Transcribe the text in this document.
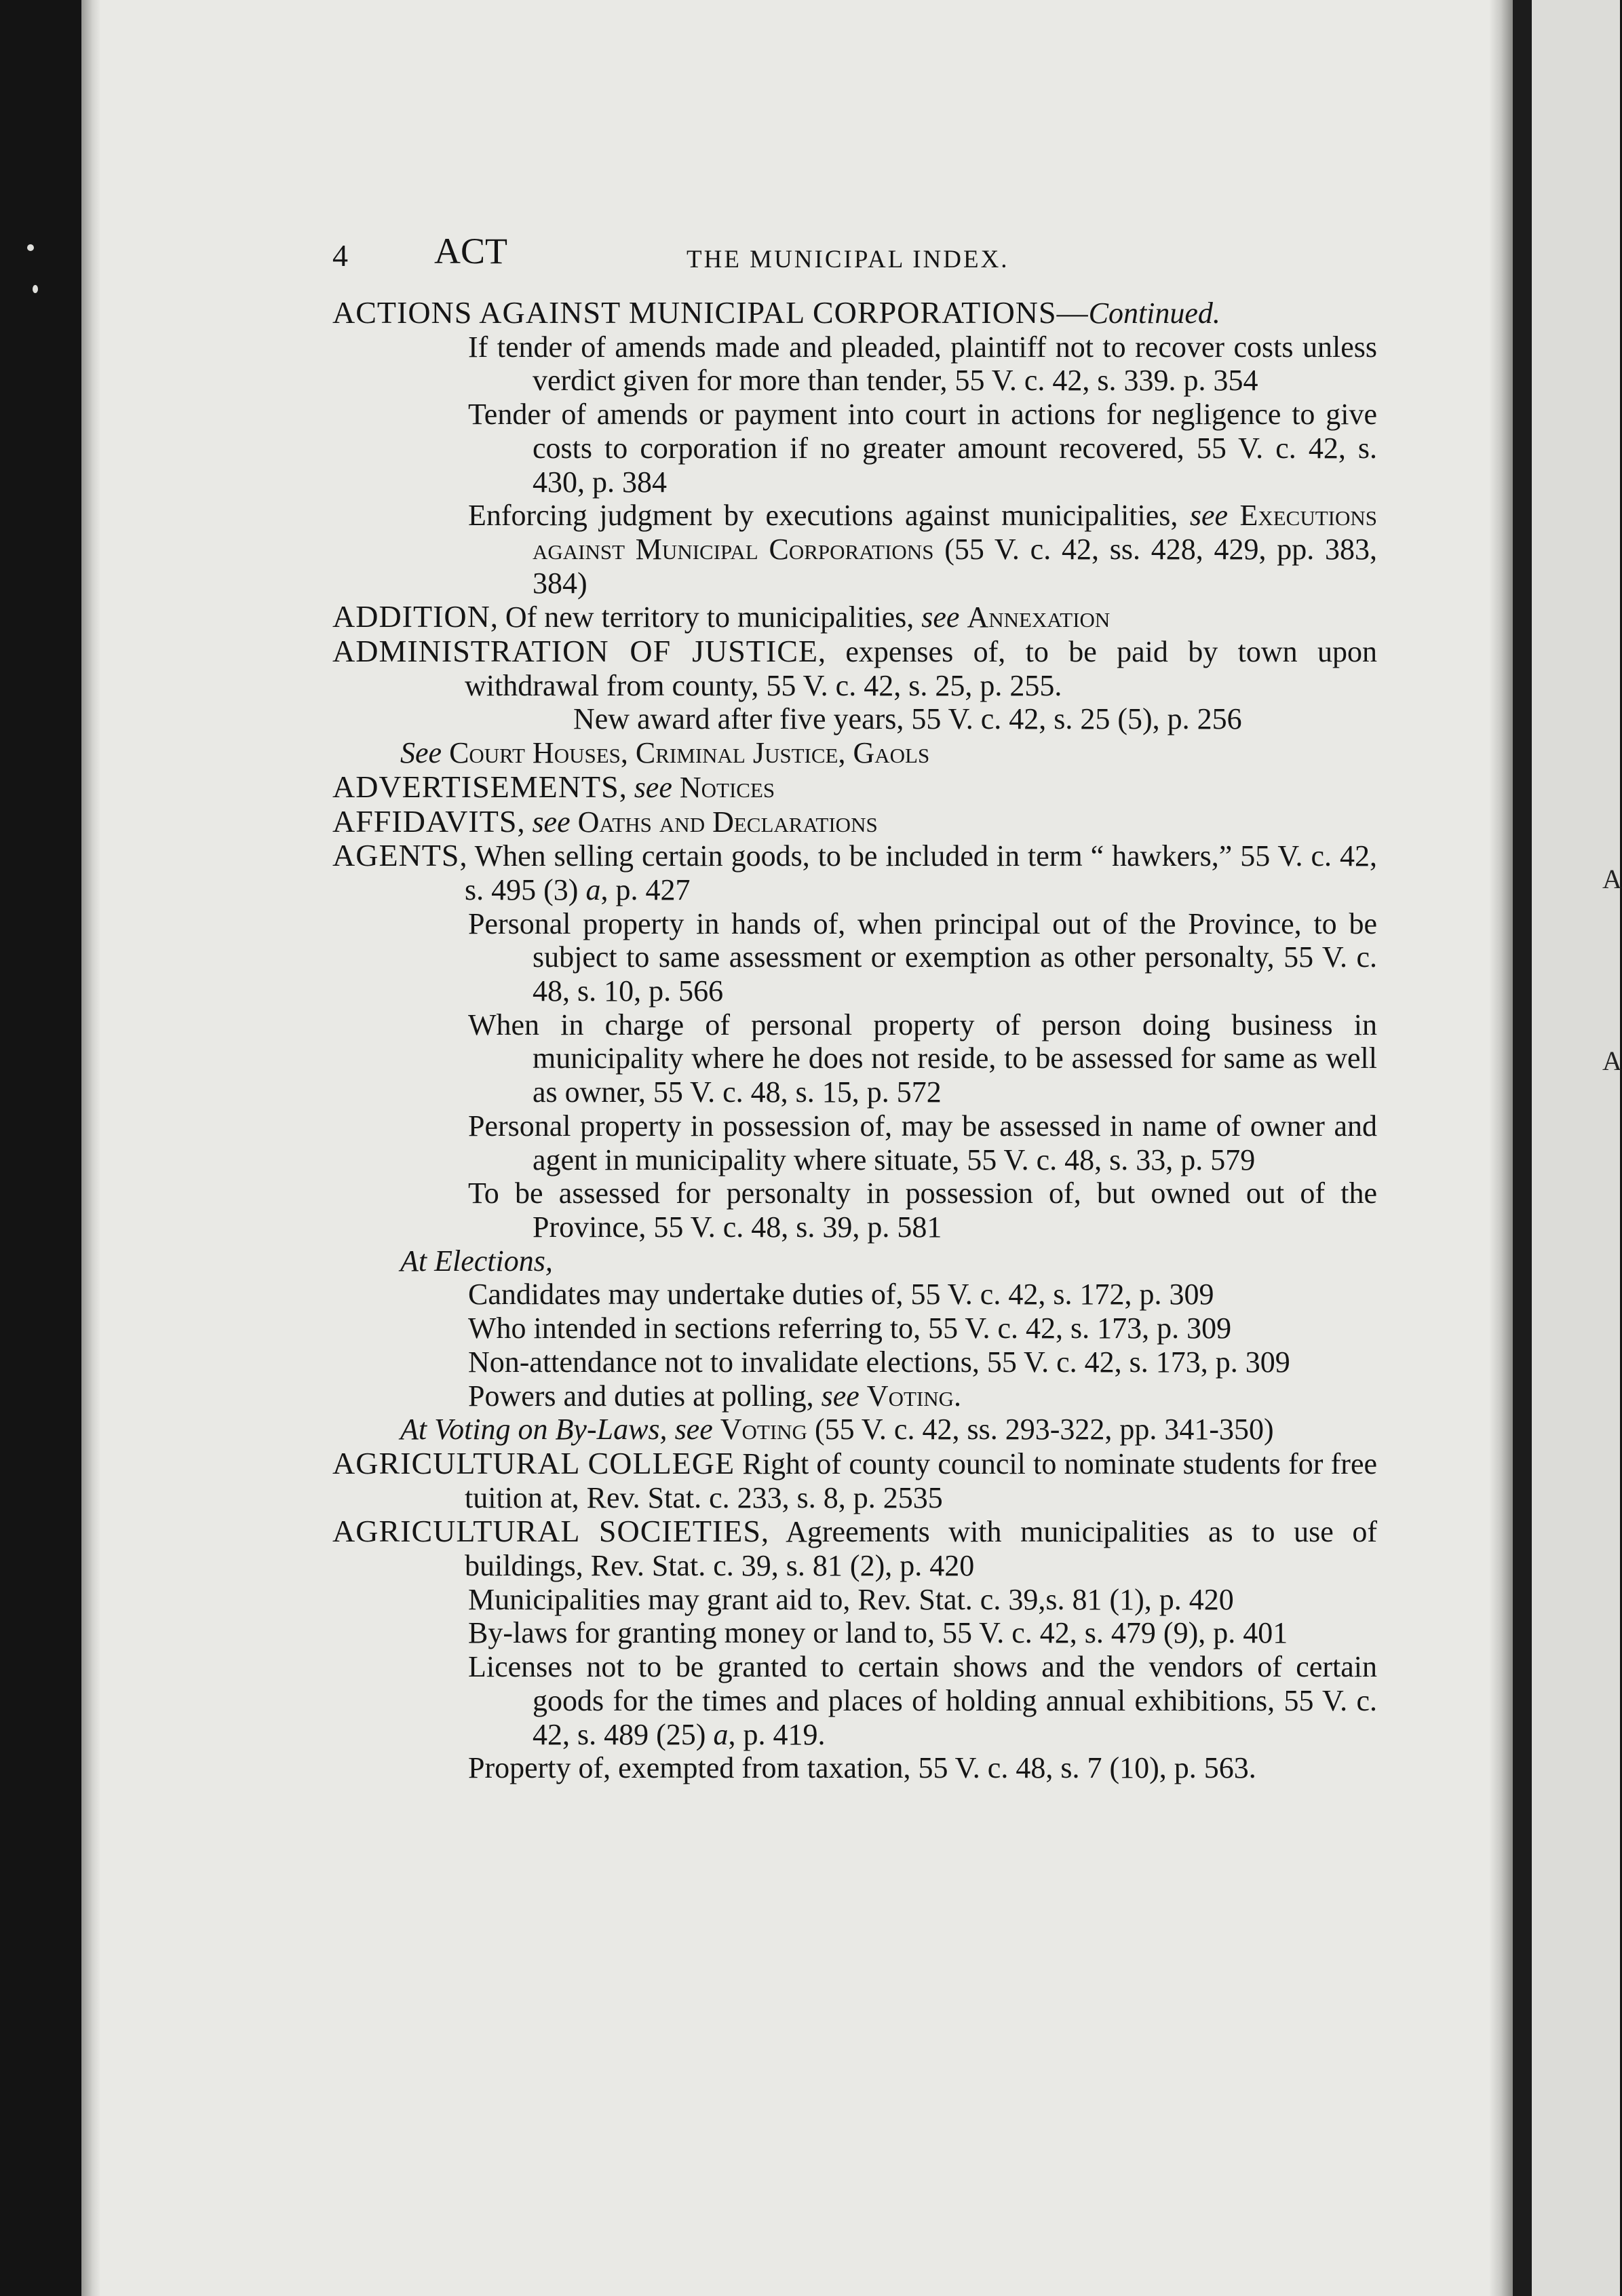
A
A
4 ACT	THE MUNICIPAL INDEX.
ACTIONS AGAINST MUNICIPAL CORPORATIONS—Continued.
If tender of amends made and pleaded, plaintiff not to recover costs unless verdict given for more than tender, 55 V. c. 42, s. 339. p. 354
Tender of amends or payment into court in actions for negligence to give costs to corporation if no greater amount recovered, 55 V. c. 42, s. 430, p. 384
Enforcing judgment by executions against municipalities, see Executions against Municipal Corporations (55 V. c. 42, ss. 428, 429, pp. 383, 384)
ADDITION, Of new territory to municipalities, see Annexation
ADMINISTRATION OF JUSTICE, expenses of, to be paid by town upon withdrawal from county, 55 V. c. 42, s. 25, p. 255.
New award after five years, 55 V. c. 42, s. 25 (5), p. 256
See Court Houses, Criminal Justice, Gaols
ADVERTISEMENTS, see Notices
AFFIDAVITS, see Oaths and Declarations
AGENTS, When selling certain goods, to be included in term “ hawkers,” 55 V. c. 42, s. 495 (3) a, p. 427
Personal property in hands of, when principal out of the Province, to be subject to same assessment or exemption as other personalty, 55 V. c. 48, s. 10, p. 566
When in charge of personal property of person doing business in municipality where he does not reside, to be assessed for same as well as owner, 55 V. c. 48, s. 15, p. 572
Personal property in possession of, may be assessed in name of owner and agent in municipality where situate, 55 V. c. 48, s. 33, p. 579
To be assessed for personalty in possession of, but owned out of the Province, 55 V. c. 48, s. 39, p. 581
At Elections,
Candidates may undertake duties of, 55 V. c. 42, s. 172, p. 309
Who intended in sections referring to, 55 V. c. 42, s. 173, p. 309
Non-attendance not to invalidate elections, 55 V. c. 42, s. 173, p. 309
Powers and duties at polling, see Voting.
At Voting on By-Laws, see Voting (55 V. c. 42, ss. 293-322, pp. 341-350)
AGRICULTURAL COLLEGE Right of county council to nominate students for free tuition at, Rev. Stat. c. 233, s. 8, p. 2535
AGRICULTURAL SOCIETIES, Agreements with municipalities as to use of buildings, Rev. Stat. c. 39, s. 81 (2), p. 420
Municipalities may grant aid to, Rev. Stat. c. 39,s. 81 (1), p. 420
By-laws for granting money or land to, 55 V. c. 42, s. 479 (9), p. 401
Licenses not to be granted to certain shows and the vendors of certain goods for the times and places of holding annual exhibitions, 55 V. c. 42, s. 489 (25) a, p. 419.
Property of, exempted from taxation, 55 V. c. 48, s. 7 (10), p. 563.
